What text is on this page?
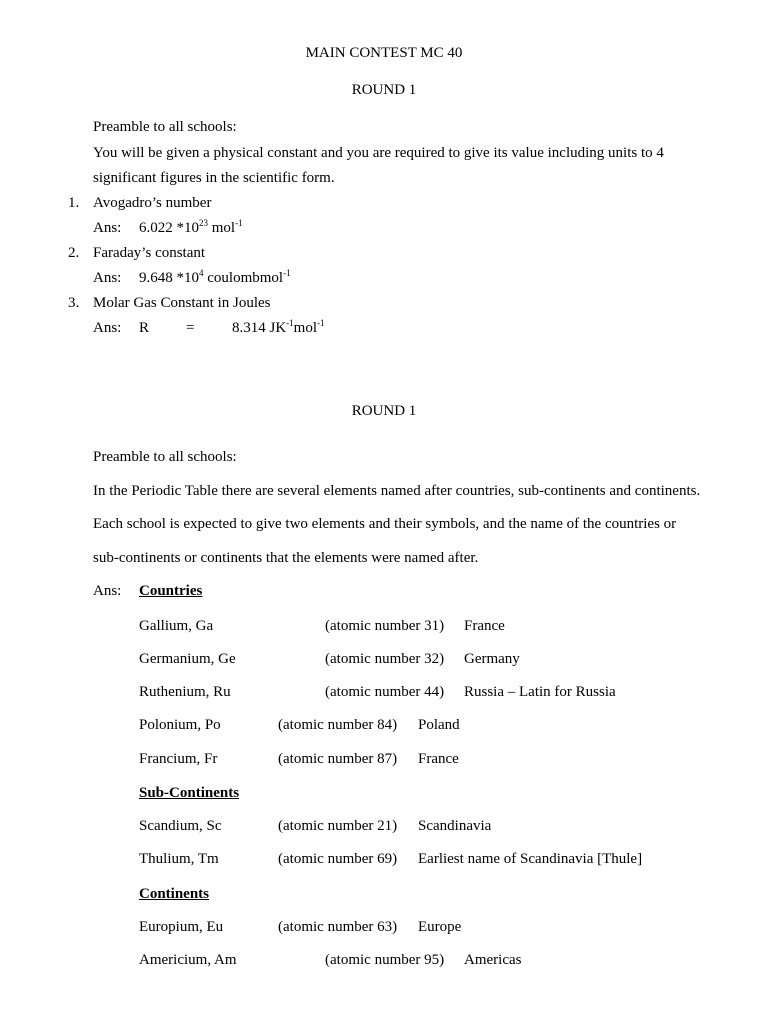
MAIN CONTEST MC 40
ROUND 1
Preamble to all schools:
You will be given a physical constant and you are required to give its value including units to 4
significant figures in the scientific form.
1. Avogadro’s number
Ans: 6.022 $*10^{23}$ mol$^{-1}$
2. Faraday’s constant
Ans: 9.648 $*10^4$ coulombmol$^{-1}$
3. Molar Gas Constant in Joules
Ans: R =	8.314 $JK^{-1}mol^{-1}$
ROUND 1
Preamble to all schools:
In the Periodic Table there are several elements named after countries, sub-continents and continents.
Each school is expected to give two elements and their symbols, and the name of the countries or
sub-continents or continents that the elements were named after.
Ans: Countries
Gallium, Ga	(atomic number 31) France
Germanium, Ge	(atomic number 32) Germany
Ruthenium, Ru	(atomic number 44) Russia – Latin for Russia
Polonium, Po	(atomic number 84) Poland
Francium, Fr	(atomic number 87) France
Sub-Continents
Scandium, Sc	(atomic number 21) Scandinavia
Thulium, Tm	(atomic number 69) Earliest name of Scandinavia [Thule]
Continents
Europium, Eu	(atomic number 63) Europe
Americium, Am	(atomic number 95) Americas
